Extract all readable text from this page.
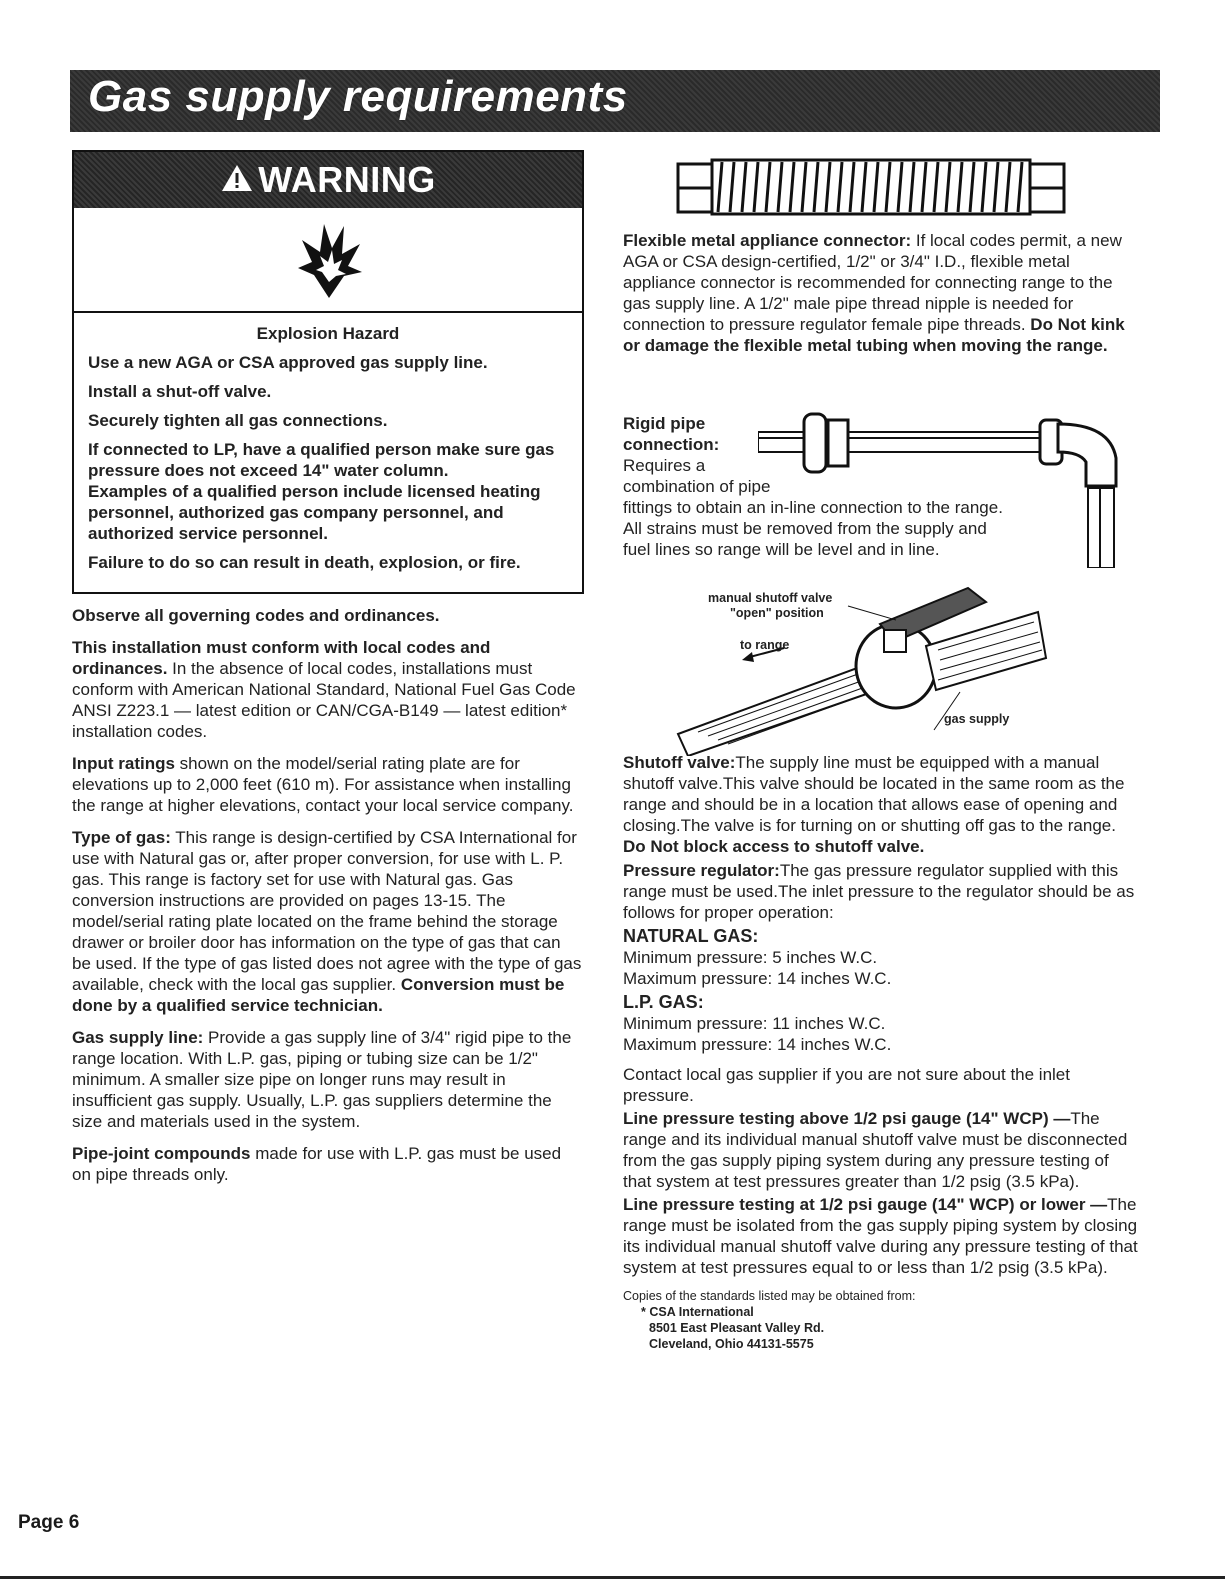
Gas supply requirements
WARNING

Explosion Hazard

Use a new AGA or CSA approved gas supply line.

Install a shut-off valve.

Securely tighten all gas connections.

If connected to LP, have a qualified person make sure gas pressure does not exceed 14" water column.

Examples of a qualified person include licensed heating personnel, authorized gas company personnel, and authorized service personnel.

Failure to do so can result in death, explosion, or fire.

Observe all governing codes and ordinances.

This installation must conform with local codes and ordinances. In the absence of local codes, installations must conform with American National Standard, National Fuel Gas Code ANSI Z223.1 — latest edition or CAN/CGA-B149 — latest edition* installation codes.

Input ratings shown on the model/serial rating plate are for elevations up to 2,000 feet (610 m). For assistance when installing the range at higher elevations, contact your local service company.

Type of gas: This range is design-certified by CSA International for use with Natural gas or, after proper conversion, for use with L. P. gas. This range is factory set for use with Natural gas. Gas conversion instructions are provided on pages 13-15. The model/serial rating plate located on the frame behind the storage drawer or broiler door has information on the type of gas that can be used. If the type of gas listed does not agree with the type of gas available, check with the local gas supplier. Conversion must be done by a qualified service technician.

Gas supply line: Provide a gas supply line of 3/4" rigid pipe to the range location. With L.P. gas, piping or tubing size can be 1/2" minimum. A smaller size pipe on longer runs may result in insufficient gas supply. Usually, L.P. gas suppliers determine the size and materials used in the system.

Pipe-joint compounds made for use with L.P. gas must be used on pipe threads only.

Flexible metal appliance connector: If local codes permit, a new AGA or CSA design-certified, 1/2" or 3/4" I.D., flexible metal appliance connector is recommended for connecting range to the gas supply line. A 1/2" male pipe thread nipple is needed for connection to pressure regulator female pipe threads. Do Not kink or damage the flexible metal tubing when moving the range.

Rigid pipe

connection:

Requires a

combination of pipe

fittings to obtain an in-line connection to the range.

All strains must be removed from the supply and

fuel lines so range will be level and in line.

manual shutoff valve
"open" position
to range
gas supply

Shutoff valve:The supply line must be equipped with a manual shutoff valve.This valve should be located in the same room as the range and should be in a location that allows ease of opening and closing.The valve is for turning on or shutting off gas to the range. Do Not block access to shutoff valve.

Pressure regulator:The gas pressure regulator supplied with this range must be used.The inlet pressure to the regulator should be as follows for proper operation:

NATURAL GAS:

Minimum pressure: 5 inches W.C.

Maximum pressure: 14 inches W.C.

L.P. GAS:

Minimum pressure: 11 inches W.C.

Maximum pressure: 14 inches W.C.

Contact local gas supplier if you are not sure about the inlet pressure.

Line pressure testing above 1/2 psi gauge (14" WCP) —The range and its individual manual shutoff valve must be disconnected from the gas supply piping system during any pressure testing of that system at test pressures greater than 1/2 psig (3.5 kPa).

Line pressure testing at 1/2 psi gauge (14" WCP) or lower —The range must be isolated from the gas supply piping system by closing its individual manual shutoff valve during any pressure testing of that system at test pressures equal to or less than 1/2 psig (3.5 kPa).

Copies of the standards listed may be obtained from:

* CSA International

8501 East Pleasant Valley Rd.

Cleveland, Ohio 44131-5575

Page 6
